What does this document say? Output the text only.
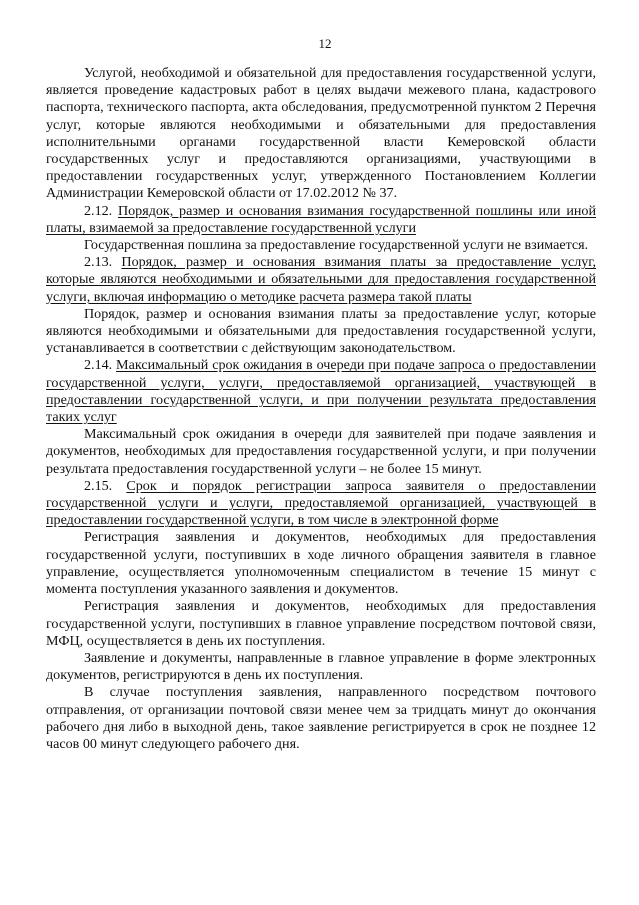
12

Услугой, необходимой и обязательной для предоставления государственной услуги, является проведение кадастровых работ в целях выдачи межевого плана, кадастрового паспорта, технического паспорта, акта обследования, предусмотренной пунктом 2 Перечня услуг, которые являются необходимыми и обязательными для предоставления исполнительными органами государственной власти Кемеровской области государственных услуг и предоставляются организациями, участвующими в предоставлении государственных услуг, утвержденного Постановлением Коллегии Администрации Кемеровской области от 17.02.2012 № 37.

2.12. Порядок, размер и основания взимания государственной пошлины или иной платы, взимаемой за предоставление государственной услуги

Государственная пошлина за предоставление государственной услуги не взимается.

2.13. Порядок, размер и основания взимания платы за предоставление услуг, которые являются необходимыми и обязательными для предоставления государственной услуги, включая информацию о методике расчета размера такой платы

Порядок, размер и основания взимания платы за предоставление услуг, которые являются необходимыми и обязательными для предоставления государственной услуги, устанавливается в соответствии с действующим законодательством.

2.14. Максимальный срок ожидания в очереди при подаче запроса о предоставлении государственной услуги, услуги, предоставляемой организацией, участвующей в предоставлении государственной услуги, и при получении результата предоставления таких услуг

Максимальный срок ожидания в очереди для заявителей при подаче заявления и документов, необходимых для предоставления государственной услуги, и при получении результата предоставления государственной услуги – не более 15 минут.

2.15. Срок и порядок регистрации запроса заявителя о предоставлении государственной услуги и услуги, предоставляемой организацией, участвующей в предоставлении государственной услуги, в том числе в электронной форме

Регистрация заявления и документов, необходимых для предоставления государственной услуги, поступивших в ходе личного обращения заявителя в главное управление, осуществляется уполномоченным специалистом в течение 15 минут с момента поступления указанного заявления и документов.

Регистрация заявления и документов, необходимых для предоставления государственной услуги, поступивших в главное управление посредством почтовой связи, МФЦ, осуществляется в день их поступления.

Заявление и документы, направленные в главное управление в форме электронных документов, регистрируются в день их поступления.

В случае поступления заявления, направленного посредством почтового отправления, от организации почтовой связи менее чем за тридцать минут до окончания рабочего дня либо в выходной день, такое заявление регистрируется в срок не позднее 12 часов 00 минут следующего рабочего дня.
